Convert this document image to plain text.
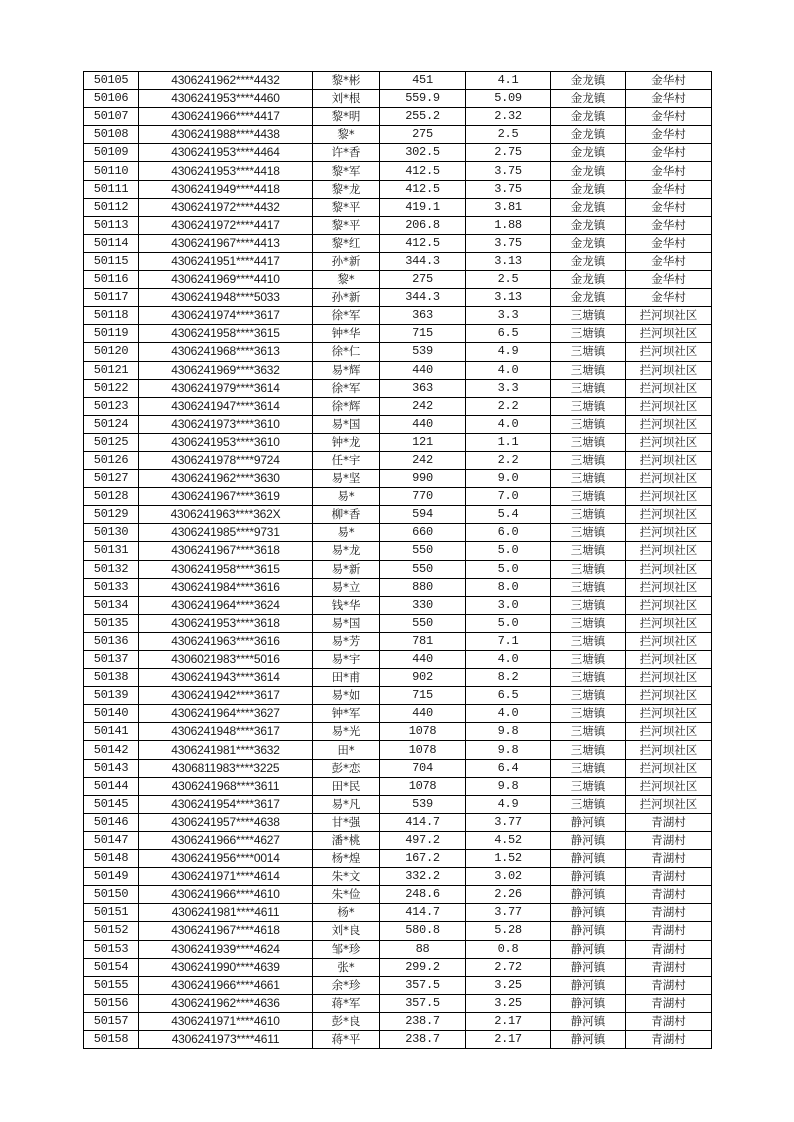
50105	4306241962****4432	黎*彬	451	4.1	金龙镇	金华村
50106	4306241953****4460	刘*根	559.9	5.09	金龙镇	金华村
50107	4306241966****4417	黎*明	255.2	2.32	金龙镇	金华村
50108	4306241988****4438	黎*	275	2.5	金龙镇	金华村
50109	4306241953****4464	许*香	302.5	2.75	金龙镇	金华村
50110	4306241953****4418	黎*军	412.5	3.75	金龙镇	金华村
50111	4306241949****4418	黎*龙	412.5	3.75	金龙镇	金华村
50112	4306241972****4432	黎*平	419.1	3.81	金龙镇	金华村
50113	4306241972****4417	黎*平	206.8	1.88	金龙镇	金华村
50114	4306241967****4413	黎*红	412.5	3.75	金龙镇	金华村
50115	4306241951****4417	孙*新	344.3	3.13	金龙镇	金华村
50116	4306241969****4410	黎*	275	2.5	金龙镇	金华村
50117	4306241948****5033	孙*新	344.3	3.13	金龙镇	金华村
50118	4306241974****3617	徐*军	363	3.3	三塘镇	拦河坝社区
50119	4306241958****3615	钟*华	715	6.5	三塘镇	拦河坝社区
50120	4306241968****3613	徐*仁	539	4.9	三塘镇	拦河坝社区
50121	4306241969****3632	易*辉	440	4.0	三塘镇	拦河坝社区
50122	4306241979****3614	徐*军	363	3.3	三塘镇	拦河坝社区
50123	4306241947****3614	徐*辉	242	2.2	三塘镇	拦河坝社区
50124	4306241973****3610	易*国	440	4.0	三塘镇	拦河坝社区
50125	4306241953****3610	钟*龙	121	1.1	三塘镇	拦河坝社区
50126	4306241978****9724	任*宇	242	2.2	三塘镇	拦河坝社区
50127	4306241962****3630	易*坚	990	9.0	三塘镇	拦河坝社区
50128	4306241967****3619	易*	770	7.0	三塘镇	拦河坝社区
50129	4306241963****362X	柳*香	594	5.4	三塘镇	拦河坝社区
50130	4306241985****9731	易*	660	6.0	三塘镇	拦河坝社区
50131	4306241967****3618	易*龙	550	5.0	三塘镇	拦河坝社区
50132	4306241958****3615	易*新	550	5.0	三塘镇	拦河坝社区
50133	4306241984****3616	易*立	880	8.0	三塘镇	拦河坝社区
50134	4306241964****3624	钱*华	330	3.0	三塘镇	拦河坝社区
50135	4306241953****3618	易*国	550	5.0	三塘镇	拦河坝社区
50136	4306241963****3616	易*芳	781	7.1	三塘镇	拦河坝社区
50137	4306021983****5016	易*宇	440	4.0	三塘镇	拦河坝社区
50138	4306241943****3614	田*甫	902	8.2	三塘镇	拦河坝社区
50139	4306241942****3617	易*如	715	6.5	三塘镇	拦河坝社区
50140	4306241964****3627	钟*军	440	4.0	三塘镇	拦河坝社区
50141	4306241948****3617	易*光	1078	9.8	三塘镇	拦河坝社区
50142	4306241981****3632	田*	1078	9.8	三塘镇	拦河坝社区
50143	4306811983****3225	彭*恋	704	6.4	三塘镇	拦河坝社区
50144	4306241968****3611	田*民	1078	9.8	三塘镇	拦河坝社区
50145	4306241954****3617	易*凡	539	4.9	三塘镇	拦河坝社区
50146	4306241957****4638	甘*强	414.7	3.77	静河镇	青湖村
50147	4306241966****4627	潘*桃	497.2	4.52	静河镇	青湖村
50148	4306241956****0014	杨*煌	167.2	1.52	静河镇	青湖村
50149	4306241971****4614	朱*文	332.2	3.02	静河镇	青湖村
50150	4306241966****4610	朱*俭	248.6	2.26	静河镇	青湖村
50151	4306241981****4611	杨*	414.7	3.77	静河镇	青湖村
50152	4306241967****4618	刘*良	580.8	5.28	静河镇	青湖村
50153	4306241939****4624	邹*珍	88	0.8	静河镇	青湖村
50154	4306241990****4639	张*	299.2	2.72	静河镇	青湖村
50155	4306241966****4661	余*珍	357.5	3.25	静河镇	青湖村
50156	4306241962****4636	蒋*军	357.5	3.25	静河镇	青湖村
50157	4306241971****4610	彭*良	238.7	2.17	静河镇	青湖村
50158	4306241973****4611	蒋*平	238.7	2.17	静河镇	青湖村
